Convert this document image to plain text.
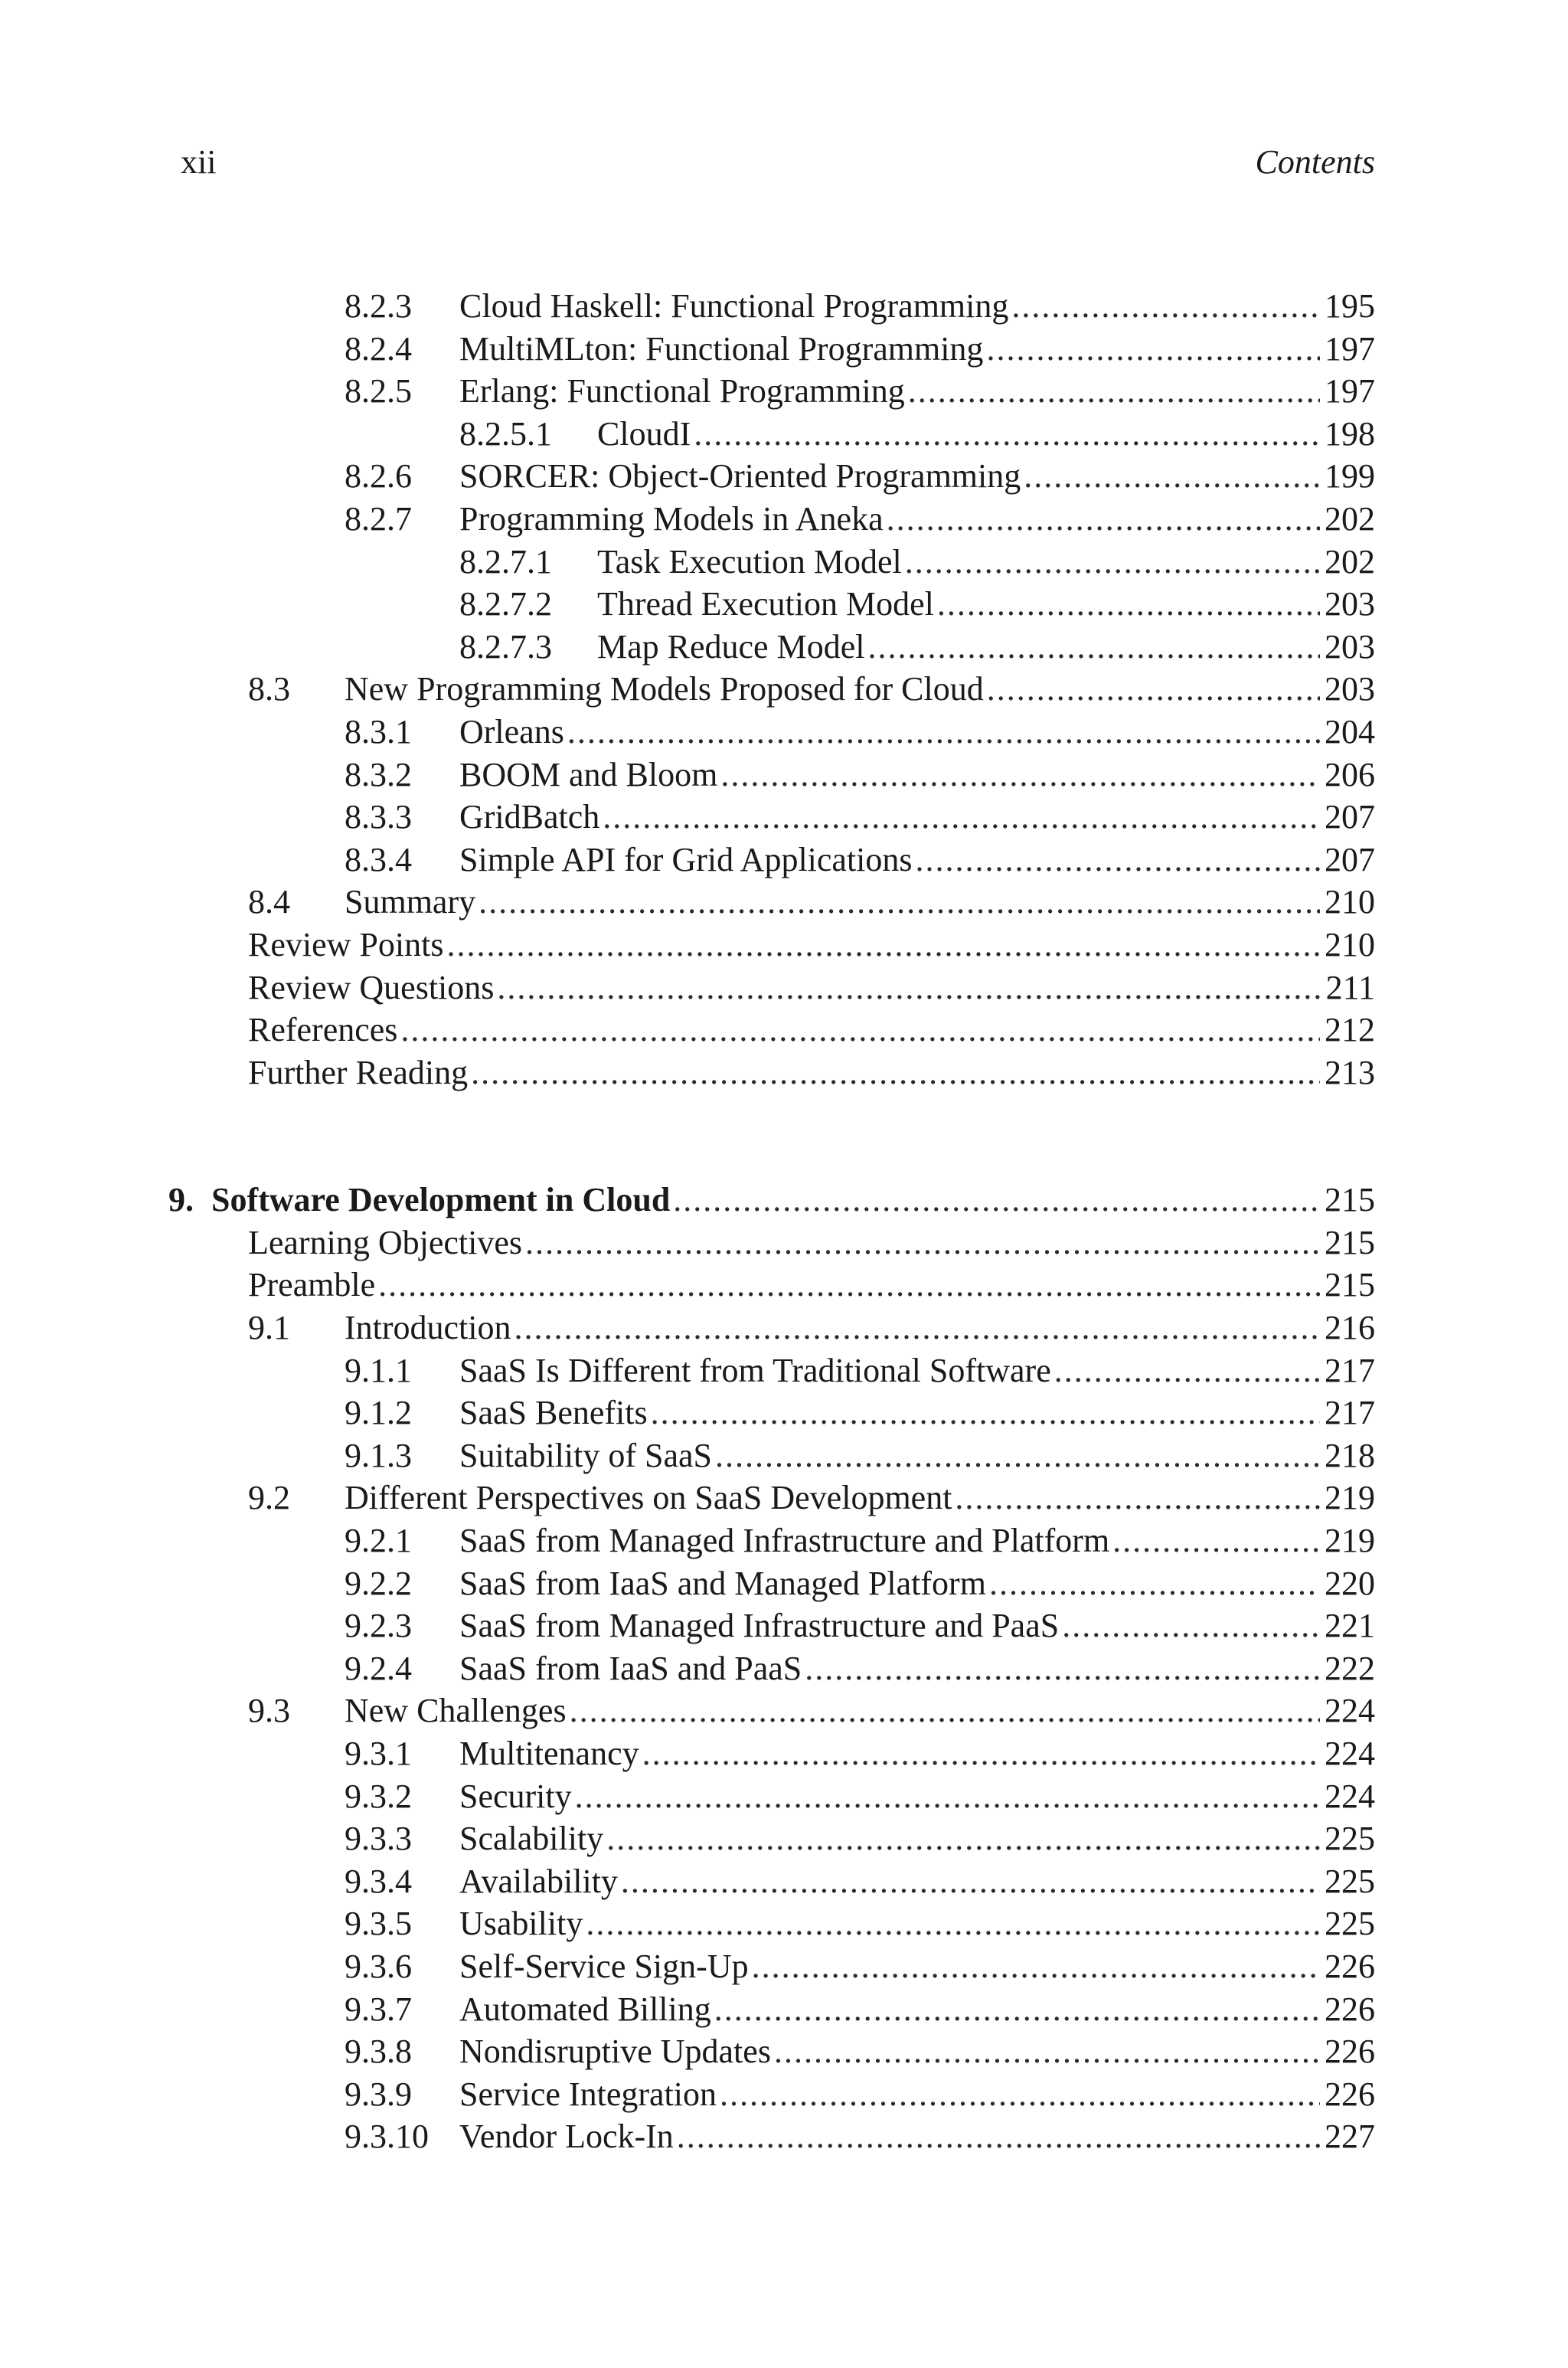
xii	Contents
8.2.3	Cloud Haskell: Functional Programming .....	195
8.2.4	MultiMLton: Functional Programming .....	197
8.2.5	Erlang: Functional Programming .....	197
8.2.5.1	CloudI .....	198
8.2.6	SORCER: Object-Oriented Programming .....	199
8.2.7	Programming Models in Aneka .....	202
8.2.7.1	Task Execution Model .....	202
8.2.7.2	Thread Execution Model .....	203
8.2.7.3	Map Reduce Model .....	203
8.3	New Programming Models Proposed for Cloud .....	203
8.3.1	Orleans .....	204
8.3.2	BOOM and Bloom .....	206
8.3.3	GridBatch .....	207
8.3.4	Simple API for Grid Applications .....	207
8.4	Summary .....	210
Review Points .....	210
Review Questions .....	211
References .....	212
Further Reading .....	213
9. Software Development in Cloud .....	215
Learning Objectives .....	215
Preamble .....	215
9.1	Introduction .....	216
9.1.1	SaaS Is Different from Traditional Software .....	217
9.1.2	SaaS Benefits .....	217
9.1.3	Suitability of SaaS .....	218
9.2	Different Perspectives on SaaS Development .....	219
9.2.1	SaaS from Managed Infrastructure and Platform .....	219
9.2.2	SaaS from IaaS and Managed Platform .....	220
9.2.3	SaaS from Managed Infrastructure and PaaS .....	221
9.2.4	SaaS from IaaS and PaaS .....	222
9.3	New Challenges .....	224
9.3.1	Multitenancy .....	224
9.3.2	Security .....	224
9.3.3	Scalability .....	225
9.3.4	Availability .....	225
9.3.5	Usability .....	225
9.3.6	Self-Service Sign-Up .....	226
9.3.7	Automated Billing .....	226
9.3.8	Nondisruptive Updates .....	226
9.3.9	Service Integration .....	226
9.3.10 Vendor Lock-In .....	227
